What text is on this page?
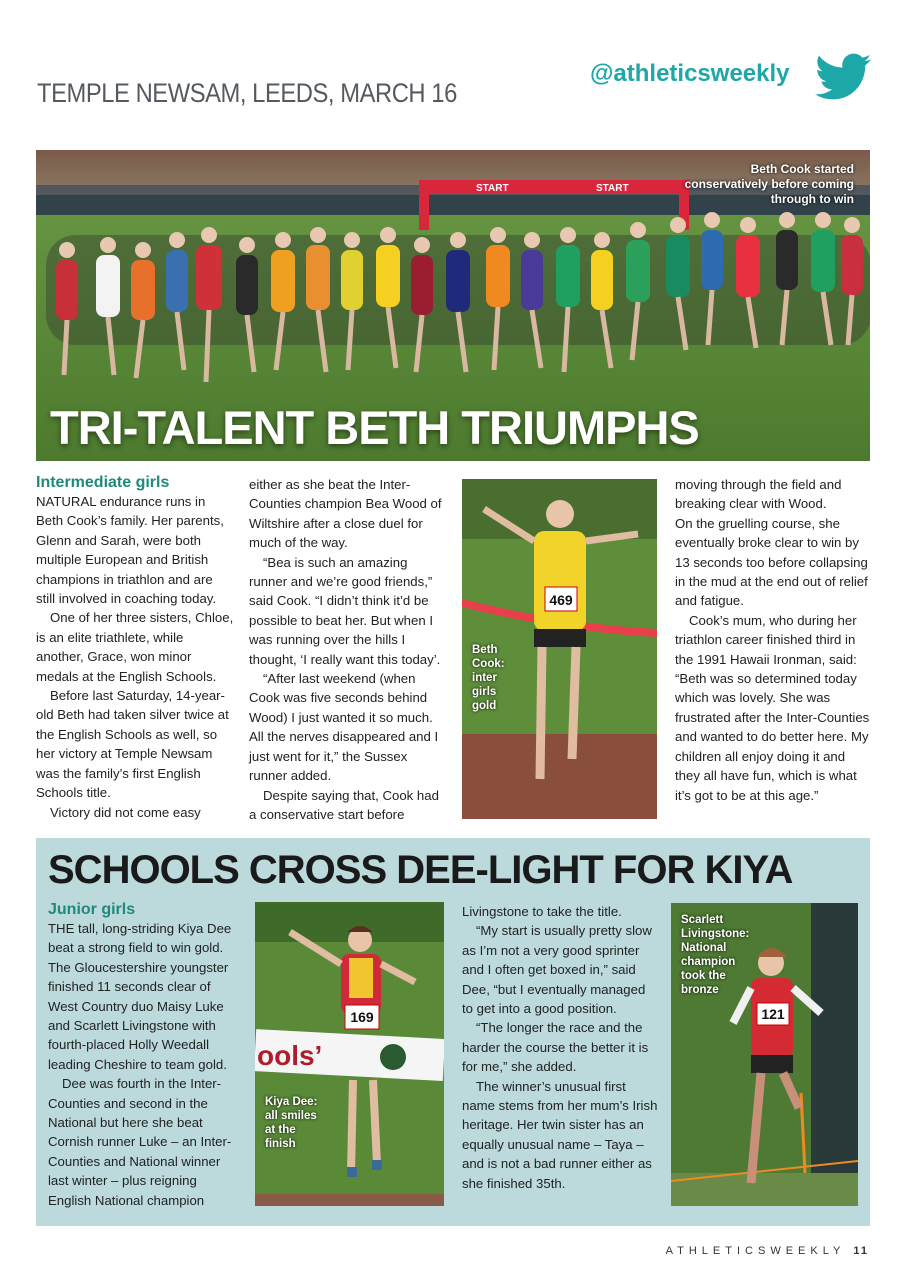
TEMPLE NEWSAM, LEEDS, MARCH 16
@athleticsweekly
START	START
Beth Cook started conservatively before coming through to win
TRI-TALENT BETH TRIUMPHS
Intermediate girls

NATURAL endurance runs in Beth Cook’s family. Her parents, Glenn and Sarah, were both multiple European and British champions in triathlon and are still involved in coaching today.

One of her three sisters, Chloe, is an elite triathlete, while another, Grace, won minor medals at the English Schools.

Before last Saturday, 14-year-old Beth had taken silver twice at the English Schools as well, so her victory at Temple Newsam was the family’s first English Schools title.

Victory did not come easy

either as she beat the Inter-Counties champion Bea Wood of Wiltshire after a close duel for much of the way.

“Bea is such an amazing runner and we’re good friends,” said Cook. “I didn’t think it’d be possible to beat her. But when I was running over the hills I thought, ‘I really want this today’.

“After last weekend (when Cook was five seconds behind Wood) I just wanted it so much. All the nerves disappeared and I just went for it,” the Sussex runner added.

Despite saying that, Cook had a conservative start before

469
Beth Cook: inter girls gold

moving through the field and breaking clear with Wood.

On the gruelling course, she eventually broke clear to win by 13 seconds too before collapsing in the mud at the end out of relief and fatigue.

Cook’s mum, who during her triathlon career finished third in the 1991 Hawaii Ironman, said: “Beth was so determined today which was lovely. She was frustrated after the Inter-Counties and wanted to do better here. My children all enjoy doing it and they all have fun, which is what it’s got to be at this age.”

SCHOOLS CROSS DEE-LIGHT FOR KIYA
Junior girls

THE tall, long-striding Kiya Dee beat a strong field to win gold. The Gloucestershire youngster finished 11 seconds clear of West Country duo Maisy Luke and Scarlett Livingstone with fourth-placed Holly Weedall leading Cheshire to team gold.

Dee was fourth in the Inter-Counties and second in the National but here she beat Cornish runner Luke – an Inter-Counties and National winner last winter – plus reigning English National champion

169
ools’
Kiya Dee: all smiles at the finish

Livingstone to take the title.

“My start is usually pretty slow as I’m not a very good sprinter and I often get boxed in,” said Dee, “but I eventually managed to get into a good position.

“The longer the race and the harder the course the better it is for me,” she added.

The winner’s unusual first name stems from her mum’s Irish heritage. Her twin sister has an equally unusual name – Taya – and is not a bad runner either as she finished 35th.

121
Scarlett Livingstone: National champion took the bronze
ATHLETICSWEEKLY 11
